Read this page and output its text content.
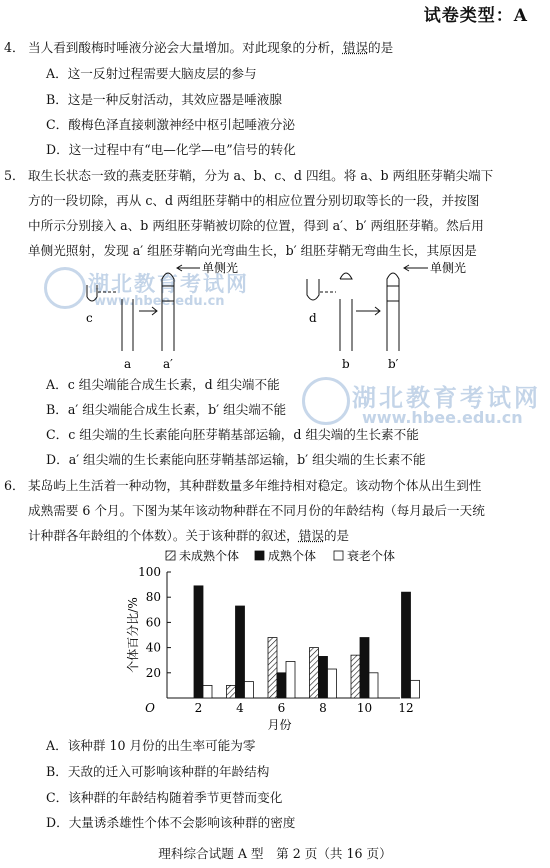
试卷类型：A
湖北教育考试网
www.hbee.edu.cn
湖北教育考试网
www.hbee.edu.cn
4． 当人看到酸梅时唾液分泌会大量增加。对此现象的分析，错误的是
A．这一反射过程需要大脑皮层的参与
B．这是一种反射活动，其效应器是唾液腺
C．酸梅色泽直接刺激神经中枢引起唾液分泌
D．这一过程中有“电—化学—电”信号的转化
5． 取生长状态一致的燕麦胚芽鞘，分为 a、b、c、d 四组。将 a、b 两组胚芽鞘尖端下
方的一段切除，再从 c、d 两组胚芽鞘中的相应位置分别切取等长的一段，并按图
中所示分别接入 a、b 两组胚芽鞘被切除的位置，得到 a′、b′ 两组胚芽鞘。然后用
单侧光照射，发现 a′ 组胚芽鞘向光弯曲生长，b′ 组胚芽鞘无弯曲生长，其原因是
单侧光	单侧光
c
a	a′
d
b	b′
A．c 组尖端能合成生长素，d 组尖端不能
B．a′ 组尖端能合成生长素，b′ 组尖端不能
C．c 组尖端的生长素能向胚芽鞘基部运输，d 组尖端的生长素不能
D．a′ 组尖端的生长素能向胚芽鞘基部运输，b′ 组尖端的生长素不能
6． 某岛屿上生活着一种动物，其种群数量多年维持相对稳定。该动物个体从出生到性
成熟需要 6 个月。下图为某年该动物种群在不同月份的年龄结构（每月最后一天统
计种群各年龄组的个体数）。关于该种群的叙述，错误的是
未成熟个体 成熟个体	衰老个体
20
40
60
80
100
O
个体百分比/%
2	4	6	8	10 12
月份
A．该种群 10 月份的出生率可能为零
B．天敌的迁入可影响该种群的年龄结构
C．该种群的年龄结构随着季节更替而变化
D．大量诱杀雄性个体不会影响该种群的密度
理科综合试题 A 型　第 2 页（共 16 页）
